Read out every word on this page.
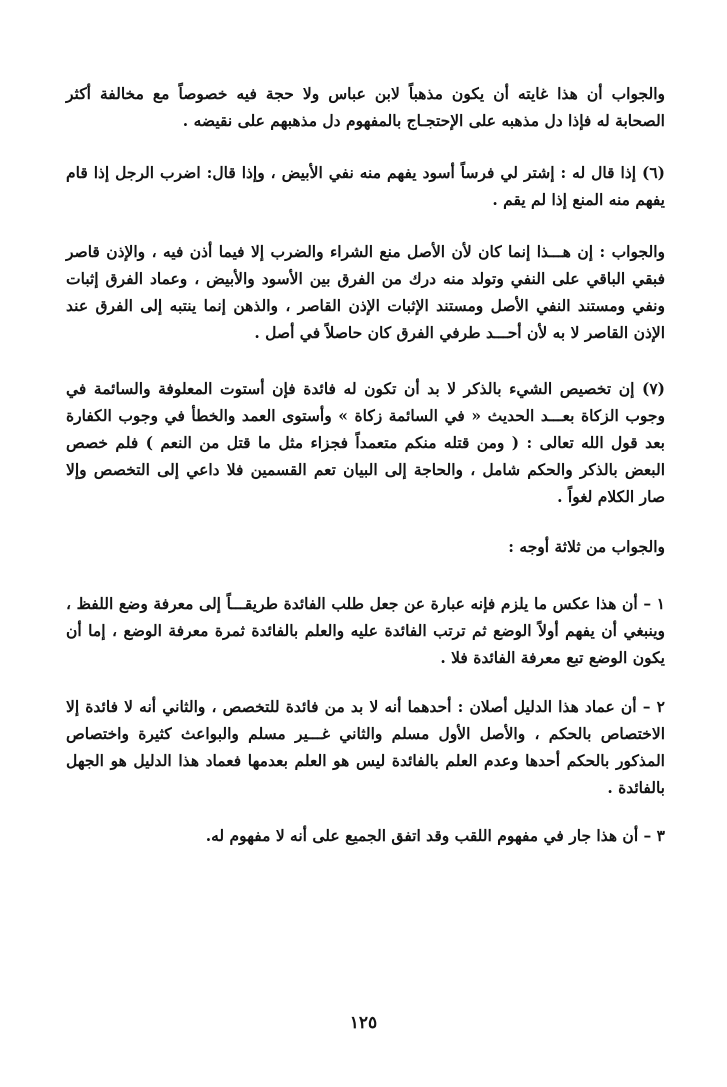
والجواب أن هذا غايته أن يكون مذهباً لابن عباس ولا حجة فيه خصوصاً مع مخالفة أكثر الصحابة له فإذا دل مذهبه على الإحتجـاج بالمفهوم دل مذهبهم على نقيضه .

(٦) إذا قال له : إشتر لي فرساً أسود يفهم منه نفي الأبيض ، وإذا قال: اضرب الرجل إذا قام يفهم منه المنع إذا لم يقم .

والجواب : إن هـــذا إنما كان لأن الأصل منع الشراء والضرب إلا فيما أذن فيه ، والإذن قاصر فبقي الباقي على النفي وتولد منه درك من الفرق بين الأسود والأبيض ، وعماد الفرق إثبات ونفي ومستند النفي الأصل ومستند الإثبات الإذن القاصر ، والذهن إنما ينتبه إلى الفرق عند الإذن القاصر لا به لأن أحـــد طرفي الفرق كان حاصلاً في أصل .

(٧) إن تخصيص الشيء بالذكر لا بد أن تكون له فائدة فإن أستوت المعلوفة والسائمة في وجوب الزكاة بعـــد الحديث « في السائمة زكاة » وأستوى العمد والخطأ في وجوب الكفارة بعد قول الله تعالى : ( ومن قتله منكم متعمداً فجزاء مثل ما قتل من النعم ) فلم خصص البعض بالذكر والحكم شامل ، والحاجة إلى البيان تعم القسمين فلا داعي إلى التخصص وإلا صار الكلام لغواً .

والجواب من ثلاثة أوجه :

١ – أن هذا عكس ما يلزم فإنه عبارة عن جعل طلب الفائدة طريقـــاً إلى معرفة وضع اللفظ ، وينبغي أن يفهم أولاً الوضع ثم ترتب الفائدة عليه والعلم بالفائدة ثمرة معرفة الوضع ، إما أن يكون الوضع تبع معرفة الفائدة فلا .

٢ – أن عماد هذا الدليل أصلان : أحدهما أنه لا بد من فائدة للتخصص ، والثاني أنه لا فائدة إلا الاختصاص بالحكم ، والأصل الأول مسلم والثاني غـــير مسلم والبواعث كثيرة واختصاص المذكور بالحكم أحدها وعدم العلم بالفائدة ليس هو العلم بعدمها فعماد هذا الدليل هو الجهل بالفائدة .

٣ – أن هذا جار في مفهوم اللقب وقد اتفق الجميع على أنه لا مفهوم له.

١٢٥
